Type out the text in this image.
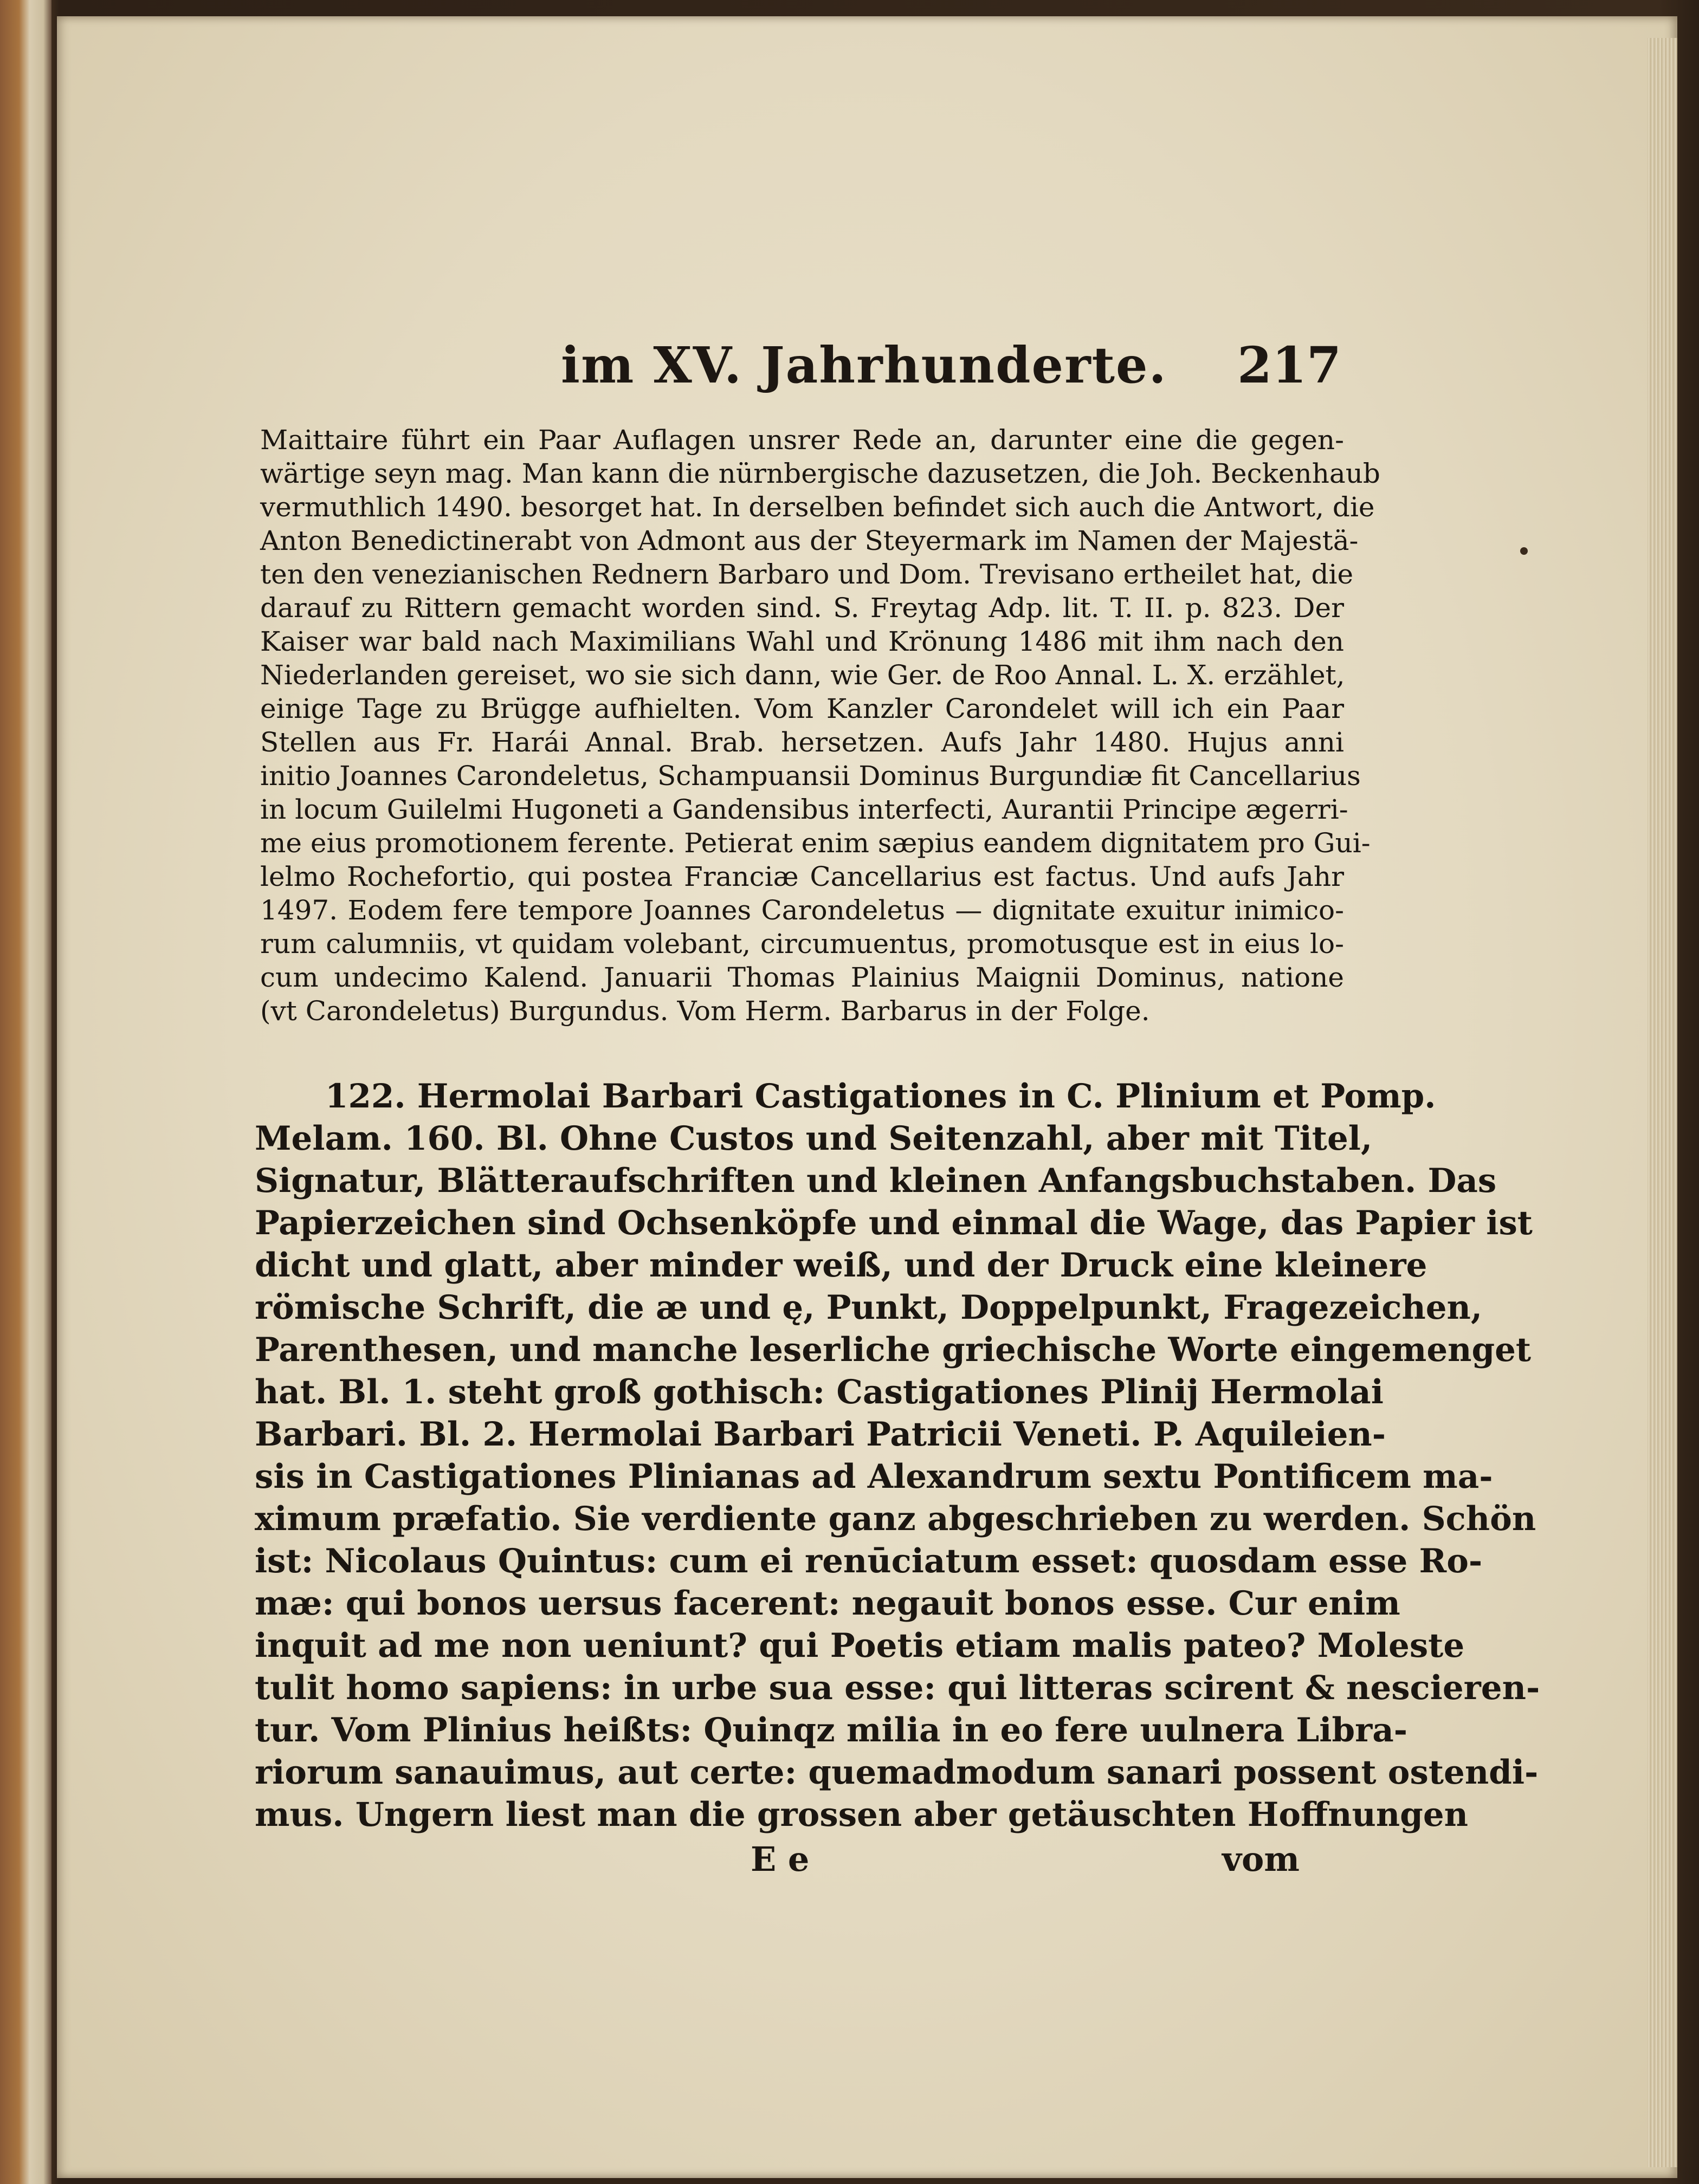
im XV. Jahrhunderte. 217
Maittaire führt ein Paar Auflagen unsrer Rede an, darunter eine die gegen-
wärtige seyn mag. Man kann die nürnbergische dazusetzen, die Joh. Beckenhaub
vermuthlich 1490. besorget hat. In derselben befindet sich auch die Antwort, die
Anton Benedictinerabt von Admont aus der Steyermark im Namen der Majestä-
ten den venezianischen Rednern Barbaro und Dom. Trevisano ertheilet hat, die
darauf zu Rittern gemacht worden sind. S. Freytag Adp. lit. T. II. p. 823. Der
Kaiser war bald nach Maximilians Wahl und Krönung 1486 mit ihm nach den
Niederlanden gereiset, wo sie sich dann, wie Ger. de Roo Annal. L. X. erzählet,
einige Tage zu Brügge aufhielten. Vom Kanzler Carondelet will ich ein Paar
Stellen aus Fr. Harái Annal. Brab. hersetzen. Aufs Jahr 1480. Hujus anni
initio Joannes Carondeletus, Schampuansii Dominus Burgundiæ fit Cancellarius
in locum Guilelmi Hugoneti a Gandensibus interfecti, Aurantii Principe ægerri-
me eius promotionem ferente. Petierat enim sæpius eandem dignitatem pro Gui-
lelmo Rochefortio, qui postea Franciæ Cancellarius est factus. Und aufs Jahr
1497. Eodem fere tempore Joannes Carondeletus — dignitate exuitur inimico-
rum calumniis, vt quidam volebant, circumuentus, promotusque est in eius lo-
cum undecimo Kalend. Januarii Thomas Plainius Maignii Dominus, natione
(vt Carondeletus) Burgundus. Vom Herm. Barbarus in der Folge.
122. Hermolai Barbari Castigationes in C. Plinium et Pomp.
Melam. 160. Bl. Ohne Custos und Seitenzahl, aber mit Titel,
Signatur, Blätteraufschriften und kleinen Anfangsbuchstaben. Das
Papierzeichen sind Ochsenköpfe und einmal die Wage, das Papier ist
dicht und glatt, aber minder weiß, und der Druck eine kleinere
römische Schrift, die æ und ę, Punkt, Doppelpunkt, Fragezeichen,
Parenthesen, und manche leserliche griechische Worte eingemenget
hat. Bl. 1. steht groß gothisch: Castigationes Plinij Hermolai
Barbari. Bl. 2. Hermolai Barbari Patricii Veneti. P. Aquileien-
sis in Castigationes Plinianas ad Alexandrum sextu Pontificem ma-
ximum præfatio. Sie verdiente ganz abgeschrieben zu werden. Schön
ist: Nicolaus Quintus: cum ei renūciatum esset: quosdam esse Ro-
mæ: qui bonos uersus facerent: negauit bonos esse. Cur enim
inquit ad me non ueniunt? qui Poetis etiam malis pateo? Moleste
tulit homo sapiens: in urbe sua esse: qui litteras scirent & nescieren-
tur. Vom Plinius heißts: Quinqz milia in eo fere uulnera Libra-
riorum sanauimus, aut certe: quemadmodum sanari possent ostendi-
mus. Ungern liest man die grossen aber getäuschten Hoffnungen
E e	vom
